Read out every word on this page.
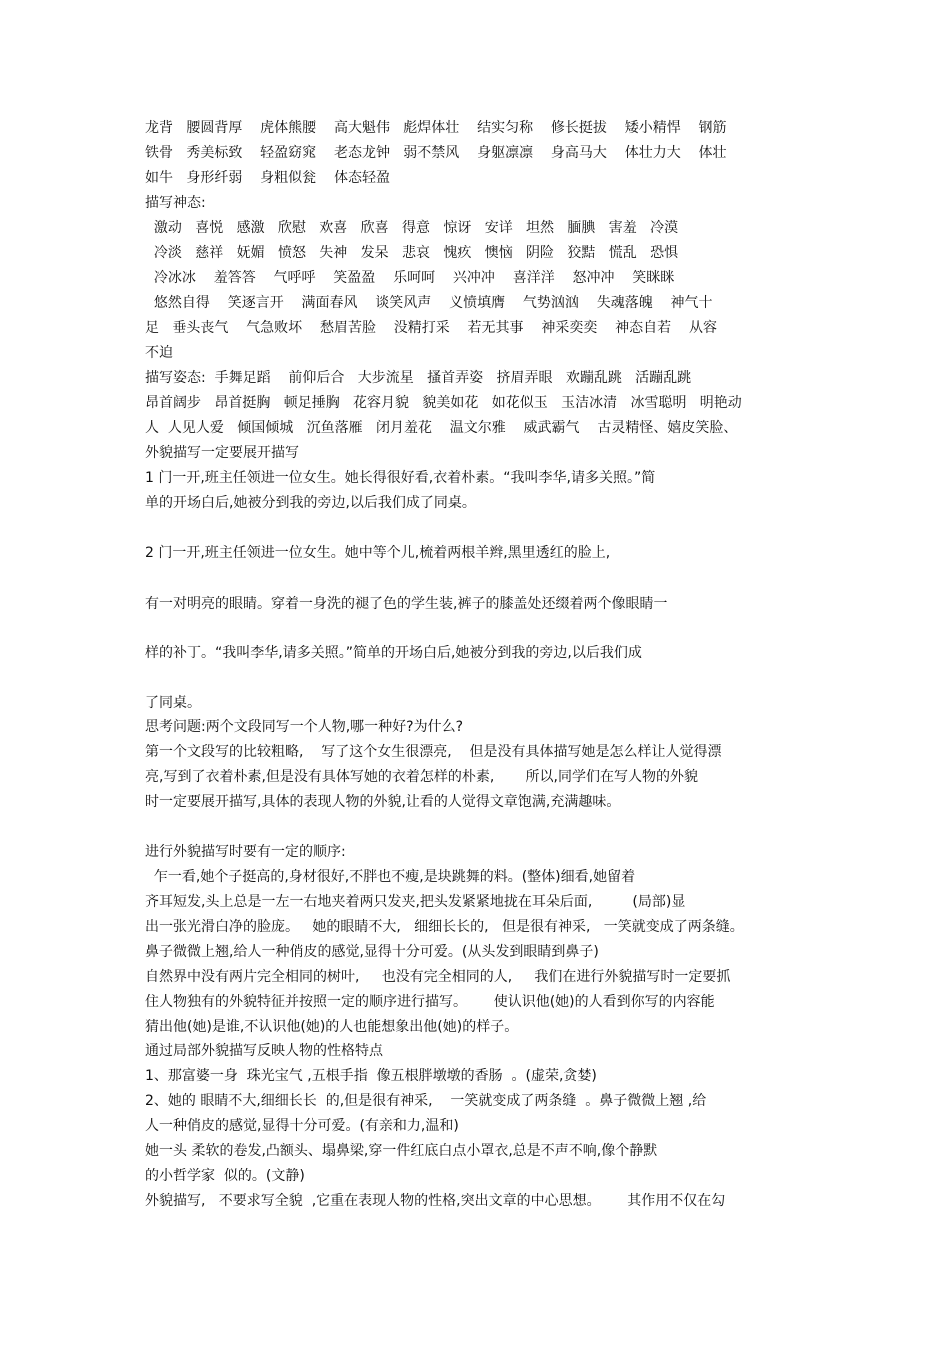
龙背   腰圆背厚    虎体熊腰    高大魁伟   彪焊体壮    结实匀称    修长挺拔    矮小精悍    钢筋
铁骨   秀美标致    轻盈窈窕    老态龙钟   弱不禁风    身躯凛凛    身高马大    体壮力大    体壮
如牛   身形纤弱    身粗似瓮    体态轻盈
描写神态:
激动   喜悦   感激   欣慰   欢喜   欣喜   得意   惊讶   安详   坦然   腼腆   害羞   冷漠
冷淡   慈祥   妩媚   愤怒   失神   发呆   悲哀   愧疚   懊恼   阴险   狡黠   慌乱   恐惧
冷冰冰    羞答答    气呼呼    笑盈盈    乐呵呵    兴冲冲    喜洋洋    怒冲冲    笑眯眯
悠然自得    笑逐言开    满面春风    谈笑风声    义愤填膺    气势汹汹    失魂落魄    神气十
足   垂头丧气    气急败坏    愁眉苦脸    没精打采    若无其事    神采奕奕    神态自若    从容
不迫
描写姿态:  手舞足蹈    前仰后合   大步流星   搔首弄姿   挤眉弄眼   欢蹦乱跳   活蹦乱跳
昂首阔步   昂首挺胸   顿足捶胸   花容月貌   貌美如花   如花似玉   玉洁冰清   冰雪聪明   明艳动
人  人见人爱   倾国倾城   沉鱼落雁   闭月羞花    温文尔雅    威武霸气    古灵精怪、嬉皮笑脸、
外貌描写一定要展开描写
1 门一开,班主任领进一位女生。她长得很好看,衣着朴素。“我叫李华,请多关照。”简
单的开场白后,她被分到我的旁边,以后我们成了同桌。
2 门一开,班主任领进一位女生。她中等个儿,梳着两根羊辫,黑里透红的脸上,
有一对明亮的眼睛。穿着一身洗的褪了色的学生装,裤子的膝盖处还缀着两个像眼睛一
样的补丁。“我叫李华,请多关照。”简单的开场白后,她被分到我的旁边,以后我们成
了同桌。
思考问题:两个文段同写一个人物,哪一种好?为什么?
第一个文段写的比较粗略,    写了这个女生很漂亮,    但是没有具体描写她是怎么样让人觉得漂
亮,写到了衣着朴素,但是没有具体写她的衣着怎样的朴素,       所以,同学们在写人物的外貌
时一定要展开描写,具体的表现人物的外貌,让看的人觉得文章饱满,充满趣味。
进行外貌描写时要有一定的顺序:
乍一看,她个子挺高的,身材很好,不胖也不瘦,是块跳舞的料。(整体)细看,她留着
齐耳短发,头上总是一左一右地夹着两只发夹,把头发紧紧地拢在耳朵后面,         (局部)显
出一张光滑白净的脸庞。   她的眼睛不大,   细细长长的,   但是很有神采,   一笑就变成了两条缝。
鼻子微微上翘,给人一种俏皮的感觉,显得十分可爱。(从头发到眼睛到鼻子)
自然界中没有两片完全相同的树叶,     也没有完全相同的人,     我们在进行外貌描写时一定要抓
住人物独有的外貌特征并按照一定的顺序进行描写。      使认识他(她)的人看到你写的内容能
猜出他(她)是谁,不认识他(她)的人也能想象出他(她)的样子。
通过局部外貌描写反映人物的性格特点
1、那富婆一身  珠光宝气 ,五根手指  像五根胖墩墩的香肠  。(虚荣,贪婪)
2、她的 眼睛不大,细细长长  的,但是很有神采,    一笑就变成了两条缝  。鼻子微微上翘 ,给
人一种俏皮的感觉,显得十分可爱。(有亲和力,温和)
她一头 柔软的卷发,凸额头、塌鼻梁,穿一件红底白点小罩衣,总是不声不响,像个静默
的小哲学家  似的。(文静)
外貌描写,   不要求写全貌  ,它重在表现人物的性格,突出文章的中心思想。      其作用不仅在勾
